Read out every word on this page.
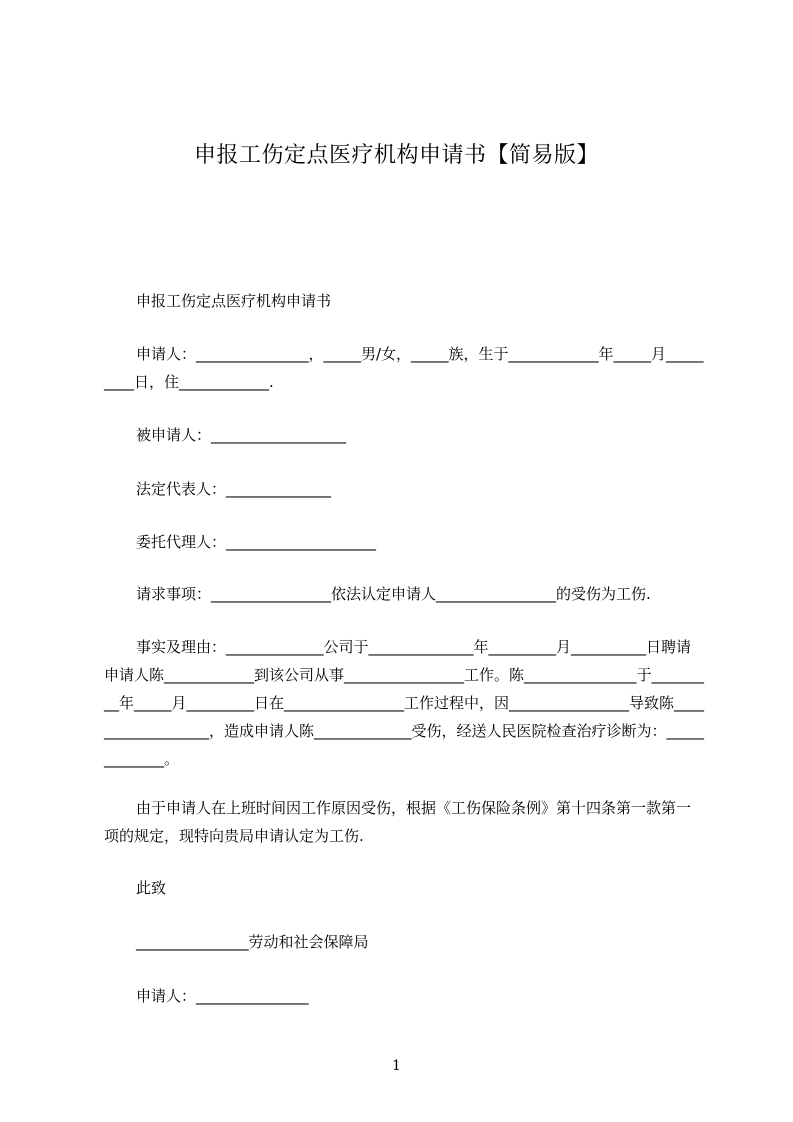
申报工伤定点医疗机构申请书【简易版】

申报工伤定点医疗机构申请书

申请人：_______________，_____男/女，_____族，生于____________年_____月_________日，住____________.

被申请人：__________________

法定代表人：______________

委托代理人：____________________

请求事项：________________依法认定申请人________________的受伤为工伤.

事实及理由：_____________公司于______________年_________月__________日聘请申请人陈____________到该公司从事________________工作。陈_______________于_________年_____月_________日在________________工作过程中，因________________导致陈__________________，造成申请人陈_____________受伤，经送人民医院检查治疗诊断为：_____________。

由于申请人在上班时间因工作原因受伤，根据《工伤保险条例》第十四条第一款第一项的规定，现特向贵局申请认定为工伤.

此致

_______________劳动和社会保障局

申请人：_______________

1
